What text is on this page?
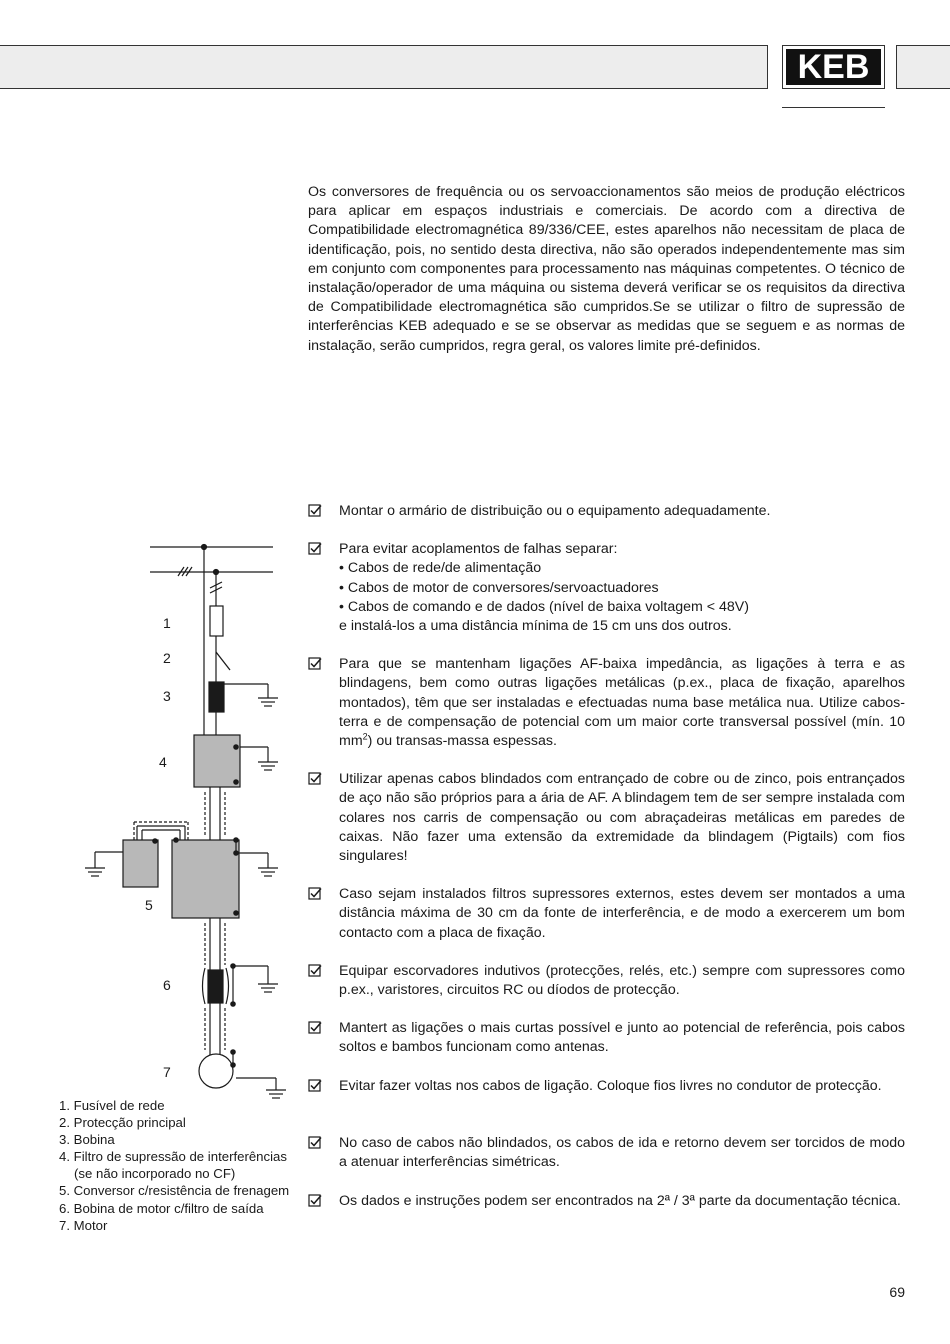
KEB

Os conversores de frequência ou os servoaccionamentos são meios de produção eléctricos para aplicar em espaços industriais e comerciais. De acordo com a directiva de Compatibilidade electromagnética 89/336/CEE, estes aparelhos não necessitam de placa de identificação, pois, no sentido desta directiva, não são operados independentemente mas sim em conjunto com componentes para processamento nas máquinas competentes. O técnico de instalação/operador de uma máquina ou sistema deverá verificar se os requisitos da directiva de Compatibilidade electromagnética são cumpridos.Se se utilizar o filtro de supressão de interferências KEB adequado e se se observar as medidas que se seguem e as normas de instalação, serão cumpridos, regra geral, os valores limite pré-definidos.

Montar o armário de distribuição ou o equipamento adequadamente.
Para evitar acoplamentos de falhas separar:
• Cabos de rede/de alimentação
• Cabos de motor de conversores/servoactuadores
• Cabos de comando e de dados (nível de baixa voltagem < 48V)
e instalá-los a uma distância mínima de 15 cm uns dos outros.
Para que se mantenham ligações AF-baixa impedância, as ligações à terra e as blindagens, bem como outras ligações metálicas (p.ex., placa de fixação, aparelhos montados), têm que ser instaladas e efectuadas numa base metálica nua. Utilize cabos-terra e de compensação de potencial com um maior corte transversal possível (mín. 10 $mm^2$) ou transas-massa espessas.
Utilizar apenas cabos blindados com entrançado de cobre ou de zinco, pois entrançados de aço não são próprios para a ária de AF. A blindagem tem de ser sempre instalada com colares nos carris de compensação ou com abraçadeiras metálicas em paredes de caixas. Não fazer uma extensão da extremidade da blindagem (Pigtails) com fios singulares!
Caso sejam instalados filtros supressores externos, estes devem ser montados a uma distância máxima de 30 cm da fonte de interferência, e de modo a exercerem um bom contacto com a placa de fixação.
Equipar escorvadores indutivos (protecções, relés, etc.) sempre com supressores como p.ex., varistores, circuitos RC ou díodos de protecção.
Mantert as ligações o mais curtas possível e junto ao potencial de referência, pois cabos soltos e bambos funcionam como antenas.
Evitar fazer voltas nos cabos de ligação. Coloque fios livres no condutor de protecção.
No caso de cabos não blindados, os cabos de ida e retorno devem ser torcidos de modo a atenuar interferências simétricas.
Os dados e instruções podem ser encontrados na 2ª / 3ª parte da documentação técnica.
1
2
3
4
5
6
7
1. Fusível de rede
2. Protecção principal
3. Bobina
4. Filtro de supressão de interferências (se não incorporado no CF)
5. Conversor c/resistência de frenagem
6. Bobina de motor c/filtro de saída
7. Motor
69
